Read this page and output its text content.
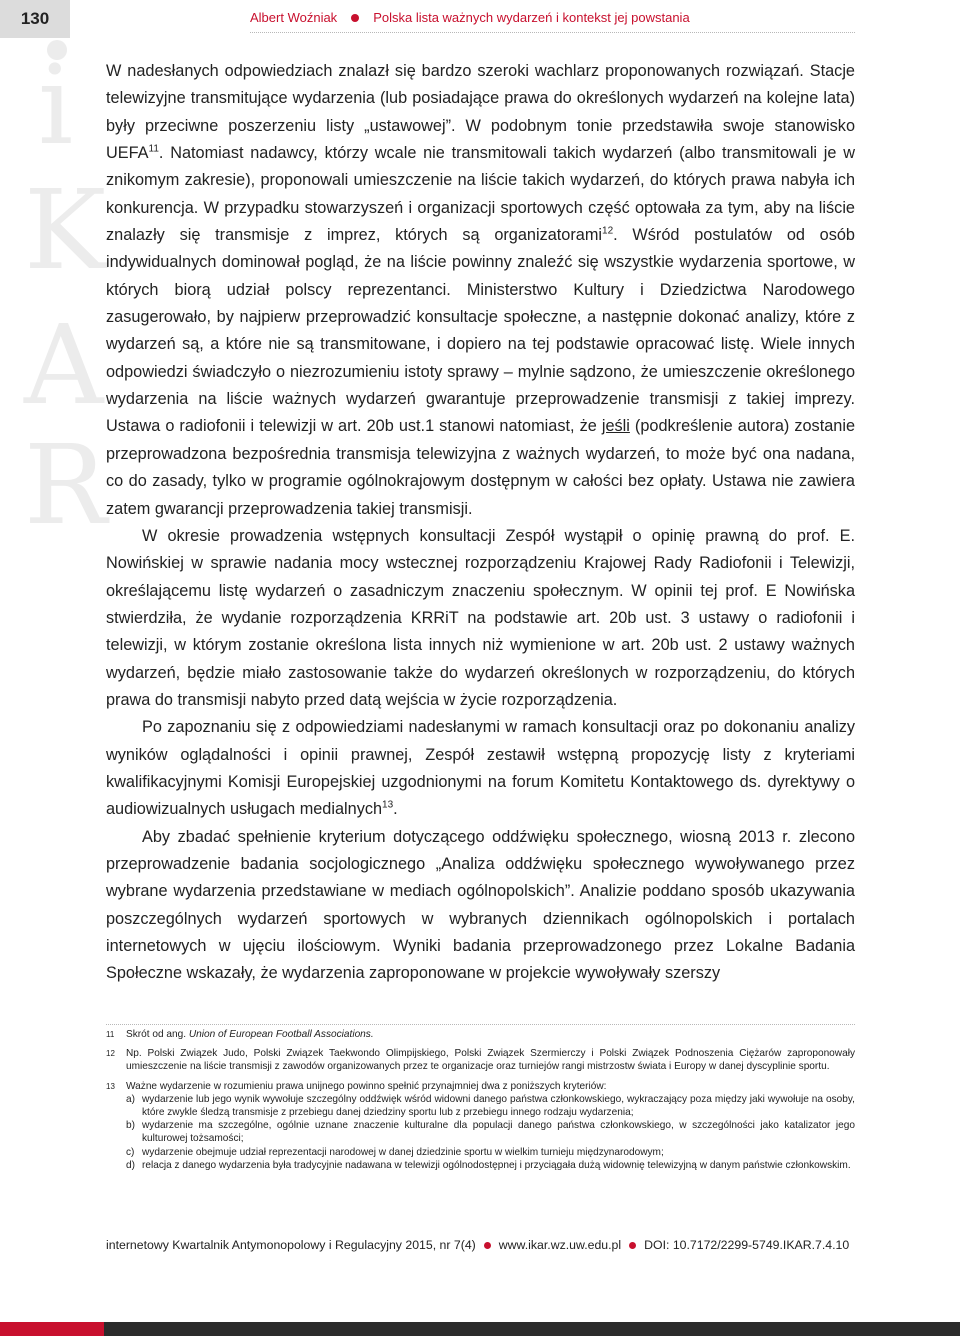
130	Albert Woźniak	Polska lista ważnych wydarzeń i kontekst jej powstania
i
K
A
R

W nadesłanych odpowiedziach znalazł się bardzo szeroki wachlarz proponowanych rozwiązań. Stacje telewizyjne transmitujące wydarzenia (lub posiadające prawa do określonych wydarzeń na kolejne lata) były przeciwne poszerzeniu listy „ustawowej”. W podobnym tonie przedstawiła swoje stanowisko UEFA$^{11}$. Natomiast nadawcy, którzy wcale nie transmitowali takich wydarzeń (albo transmitowali je w znikomym zakresie), proponowali umieszczenie na liście takich wydarzeń, do których prawa nabyła ich konkurencja. W przypadku stowarzyszeń i organizacji sportowych część optowała za tym, aby na liście znalazły się transmisje z imprez, których są organizatorami$^{12}$. Wśród postulatów od osób indywidualnych dominował pogląd, że na liście powinny znaleźć się wszystkie wydarzenia sportowe, w których biorą udział polscy reprezentanci. Ministerstwo Kultury i Dziedzictwa Narodowego zasugerowało, by najpierw przeprowadzić konsultacje społeczne, a następnie dokonać analizy, które z wydarzeń są, a które nie są transmitowane, i dopiero na tej podstawie opracować listę. Wiele innych odpowiedzi świadczyło o niezrozumieniu istoty sprawy – mylnie sądzono, że umieszczenie określonego wydarzenia na liście ważnych wydarzeń gwarantuje przeprowadzenie transmisji z takiej imprezy. Ustawa o radiofonii i telewizji w art. 20b ust.1 stanowi natomiast, że jeśli (podkreślenie autora) zostanie przeprowadzona bezpośrednia transmisja telewizyjna z ważnych wydarzeń, to może być ona nadana, co do zasady, tylko w programie ogólnokrajowym dostępnym w całości bez opłaty. Ustawa nie zawiera zatem gwarancji przeprowadzenia takiej transmisji.

W okresie prowadzenia wstępnych konsultacji Zespół wystąpił o opinię prawną do prof. E. Nowińskiej w sprawie nadania mocy wstecznej rozporządzeniu Krajowej Rady Radiofonii i Telewizji, określającemu listę wydarzeń o zasadniczym znaczeniu społecznym. W opinii tej prof. E Nowińska stwierdziła, że wydanie rozporządzenia KRRiT na podstawie art. 20b ust. 3 ustawy o radiofonii i telewizji, w którym zostanie określona lista innych niż wymienione w art. 20b ust. 2 ustawy ważnych wydarzeń, będzie miało zastosowanie także do wydarzeń określonych w rozporządzeniu, do których prawa do transmisji nabyto przed datą wejścia w życie rozporządzenia.

Po zapoznaniu się z odpowiedziami nadesłanymi w ramach konsultacji oraz po dokonaniu analizy wyników oglądalności i opinii prawnej, Zespół zestawił wstępną propozycję listy z kryteriami kwalifikacyjnymi Komisji Europejskiej uzgodnionymi na forum Komitetu Kontaktowego ds. dyrektywy o audiowizualnych usługach medialnych$^{13}$.

Aby zbadać spełnienie kryterium dotyczącego oddźwięku społecznego, wiosną 2013 r. zlecono przeprowadzenie badania socjologicznego „Analiza oddźwięku społecznego wywoływanego przez wybrane wydarzenia przedstawiane w mediach ogólnopolskich”. Analizie poddano sposób ukazywania poszczególnych wydarzeń sportowych w wybranych dziennikach ogólnopolskich i portalach internetowych w ujęciu ilościowym. Wyniki badania przeprowadzonego przez Lokalne Badania Społeczne wskazały, że wydarzenia zaproponowane w projekcie wywoływały szerszy

11 Skrót od ang. Union of European Football Associations.
12 Np. Polski Związek Judo, Polski Związek Taekwondo Olimpijskiego, Polski Związek Szermierczy i Polski Związek Podnoszenia Ciężarów zaproponowały umieszczenie na liście transmisji z zawodów organizowanych przez te organizacje oraz turniejów rangi mistrzostw świata i Europy w danej dyscyplinie sportu.
13 Ważne wydarzenie w rozumieniu prawa unijnego powinno spełnić przynajmniej dwa z poniższych kryteriów:
a) wydarzenie lub jego wynik wywołuje szczególny oddźwięk wśród widowni danego państwa członkowskiego, wykraczający poza między jaki wywołuje na osoby, które zwykle śledzą transmisje z przebiegu danej dziedziny sportu lub z przebiegu innego rodzaju wydarzenia;
b) wydarzenie ma szczególne, ogólnie uznane znaczenie kulturalne dla populacji danego państwa członkowskiego, w szczególności jako katalizator jego kulturowej tożsamości;
c) wydarzenie obejmuje udział reprezentacji narodowej w danej dziedzinie sportu w wielkim turnieju międzynarodowym;
d) relacja z danego wydarzenia była tradycyjnie nadawana w telewizji ogólnodostępnej i przyciągała dużą widownię telewizyjną w danym państwie członkowskim.
internetowy Kwartalnik Antymonopolowy i Regulacyjny 2015, nr 7(4) www.ikar.wz.uw.edu.pl DOI: 10.7172/2299-5749.IKAR.7.4.10
